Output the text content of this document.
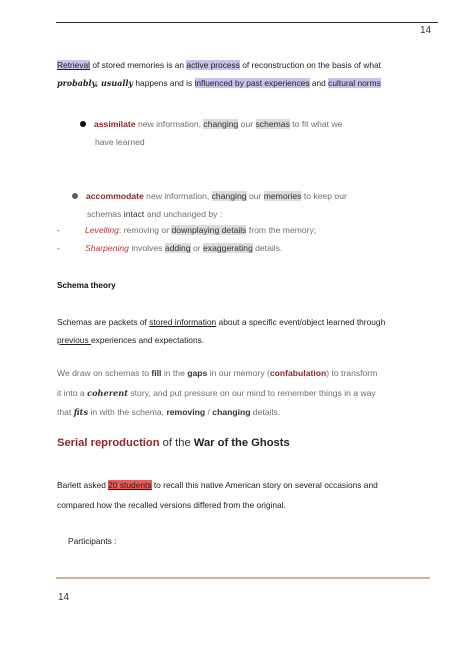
14
Retrieval of stored memories is an active process of reconstruction on the basis of what
probably, usually happens and is influenced by past experiences and cultural norms
assimilate new information, changing our schemas to fit what we
have learned
accommodate new information, changing our memories to keep our
schemas intact and unchanged by :
-	Levelling: removing or downplaying details from the memory;
-	Sharpening involves adding or exaggerating details.
Schema theory
Schemas are packets of stored information about a specific event/object learned through
previous experiences and expectations.
We draw on schemas to fill in the gaps in our memory (confabulation) to transform
it into a coherent story, and put pressure on our mind to remember things in a way
that fits in with the schema, removing / changing details.
Serial reproduction of the War of the Ghosts
Barlett asked 20 students to recall this native American story on several occasions and
compared how the recalled versions differed from the original.
Participants :
14
